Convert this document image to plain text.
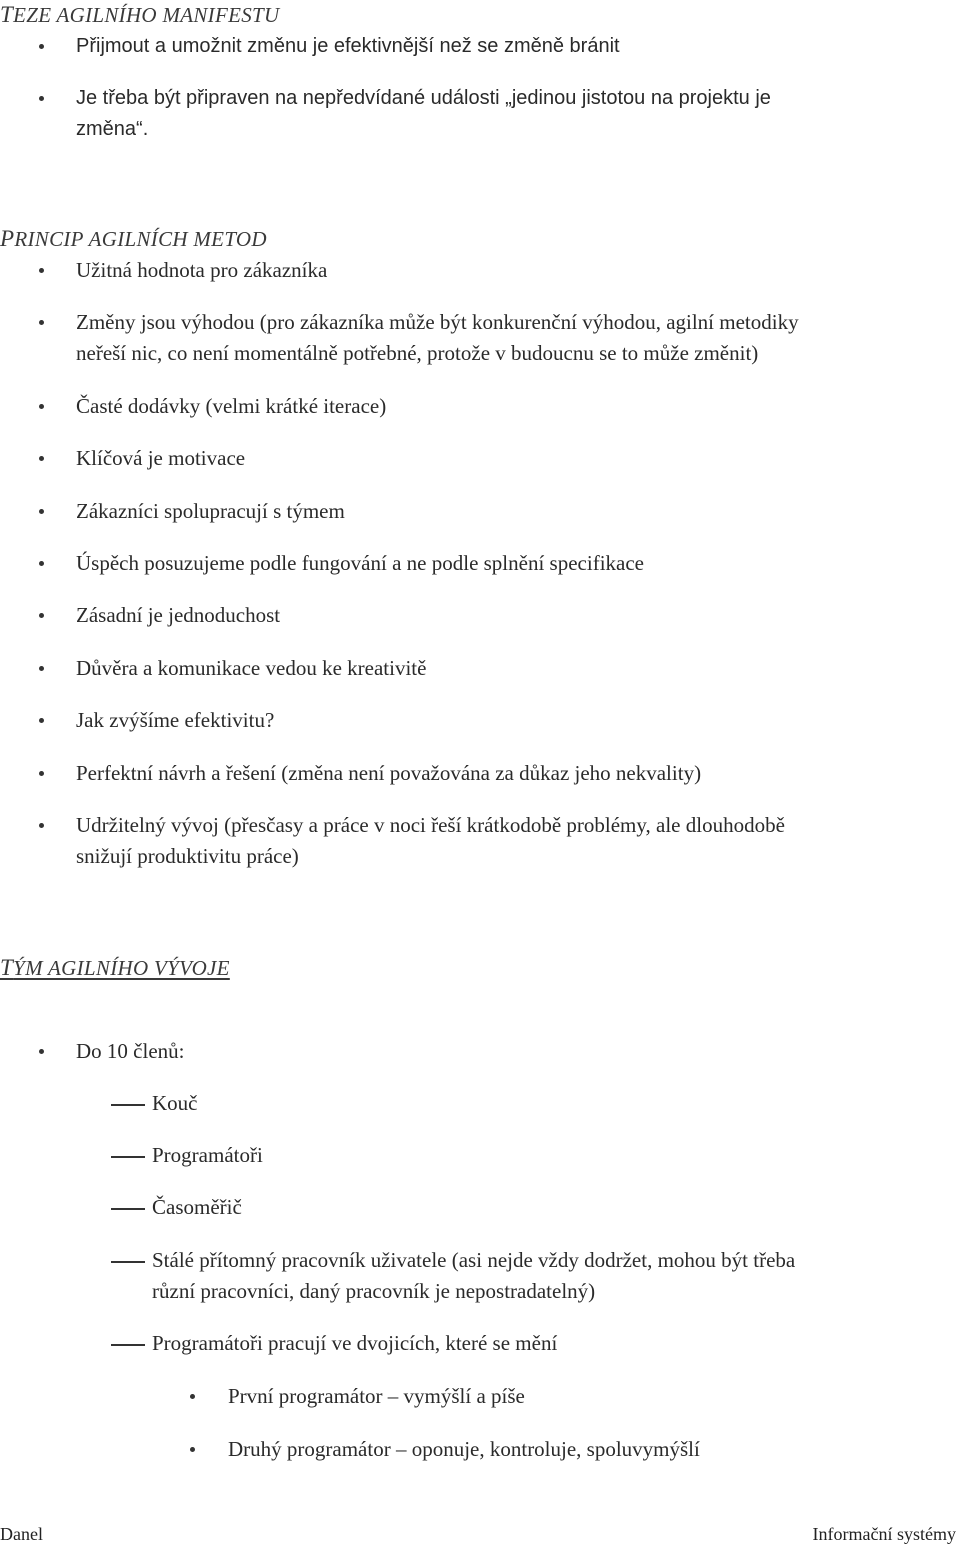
TEZE AGILNÍHO MANIFESTU
Přijmout a umožnit změnu je efektivnější než se změně bránit
Je třeba být připraven na nepředvídané události „jedinou jistotou na projektu je
změna“.
PRINCIP AGILNÍCH METOD
Užitná hodnota pro zákazníka
Změny jsou výhodou (pro zákazníka může být konkurenční výhodou, agilní metodiky
neřeší nic, co není momentálně potřebné, protože v budoucnu se to může změnit)
Časté dodávky (velmi krátké iterace)
Klíčová je motivace
Zákazníci spolupracují s týmem
Úspěch posuzujeme podle fungování a ne podle splnění specifikace
Zásadní je jednoduchost
Důvěra a komunikace vedou ke kreativitě
Jak zvýšíme efektivitu?
Perfektní návrh a řešení (změna není považována za důkaz jeho nekvality)
Udržitelný vývoj (přesčasy a práce v noci řeší krátkodobě problémy, ale dlouhodobě
snižují produktivitu práce)
TÝM AGILNÍHO VÝVOJE
Do 10 členů:
Kouč
Programátoři
Časoměřič
Stálé přítomný pracovník uživatele (asi nejde vždy dodržet, mohou být třeba
různí pracovníci, daný pracovník je nepostradatelný)
Programátoři pracují ve dvojicích, které se mění
První programátor – vymýšlí a píše
Druhý programátor – oponuje, kontroluje, spoluvymýšlí
Danel	Informační systémy
